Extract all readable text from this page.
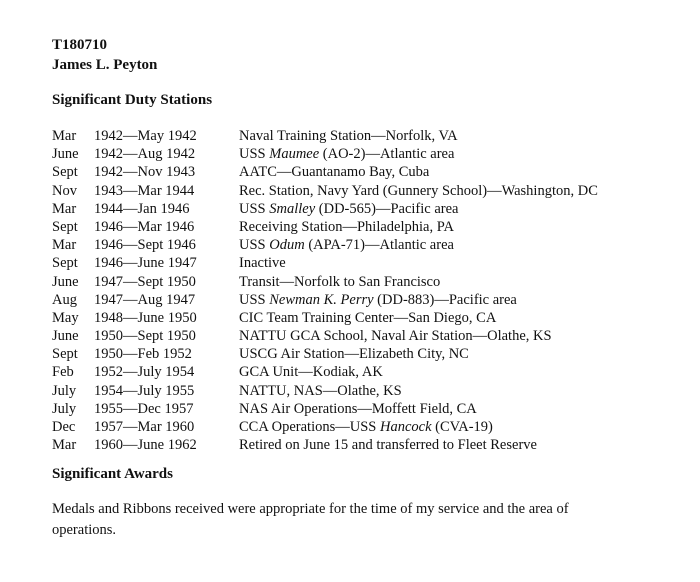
T180710
James L. Peyton
Significant Duty Stations
Mar 1942—May 1942	Naval Training Station—Norfolk, VA
June 1942—Aug 1942	USS Maumee (AO-2)—Atlantic area
Sept 1942—Nov 1943	AATC—Guantanamo Bay, Cuba
Nov 1943—Mar 1944	Rec. Station, Navy Yard (Gunnery School)—Washington, DC
Mar 1944—Jan 1946	USS Smalley (DD-565)—Pacific area
Sept 1946—Mar 1946	Receiving Station—Philadelphia, PA
Mar 1946—Sept 1946	USS Odum (APA-71)—Atlantic area
Sept 1946—June 1947	Inactive
June 1947—Sept 1950	Transit—Norfolk to San Francisco
Aug 1947—Aug 1947	USS Newman K. Perry (DD-883)—Pacific area
May 1948—June 1950	CIC Team Training Center—San Diego, CA
June 1950—Sept 1950	NATTU GCA School, Naval Air Station—Olathe, KS
Sept 1950—Feb 1952	USCG Air Station—Elizabeth City, NC
Feb 1952—July 1954	GCA Unit—Kodiak, AK
July 1954—July 1955	NATTU, NAS—Olathe, KS
July 1955—Dec 1957	NAS Air Operations—Moffett Field, CA
Dec 1957—Mar 1960	CCA Operations—USS Hancock (CVA-19)
Mar 1960—June 1962	Retired on June 15 and transferred to Fleet Reserve
Significant Awards

Medals and Ribbons received were appropriate for the time of my service and the area of operations.
